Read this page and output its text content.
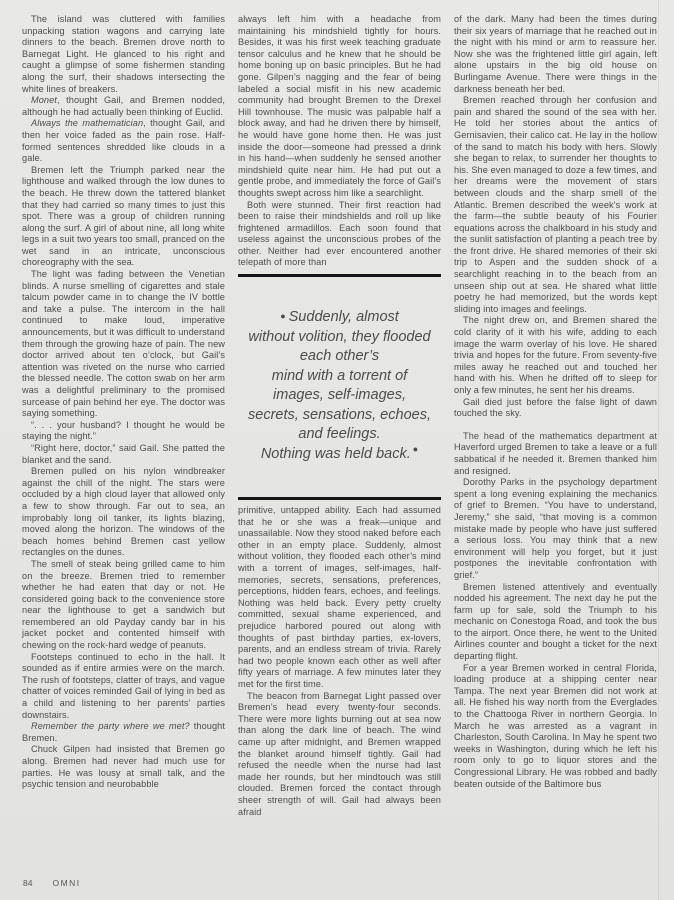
The island was cluttered with families unpacking station wagons and carrying late dinners to the beach. Bremen drove north to Barnegat Light. He glanced to his right and caught a glimpse of some fishermen standing along the surf, their shadows intersecting the white lines of breakers.

Monet, thought Gail, and Bremen nodded, although he had actually been thinking of Euclid.

Always the mathematician, thought Gail, and then her voice faded as the pain rose. Half-formed sentences shredded like clouds in a gale.

Bremen left the Triumph parked near the lighthouse and walked through the low dunes to the beach. He threw down the tattered blanket that they had carried so many times to just this spot. There was a group of children running along the surf. A girl of about nine, all long white legs in a suit two years too small, pranced on the wet sand in an intricate, unconscious choreography with the sea.

The light was fading between the Venetian blinds. A nurse smelling of cigarettes and stale talcum powder came in to change the IV bottle and take a pulse. The intercom in the hall continued to make loud, imperative announcements, but it was difficult to understand them through the growing haze of pain. The new doctor arrived about ten o’clock, but Gail’s attention was riveted on the nurse who carried the blessed needle. The cotton swab on her arm was a delightful preliminary to the promised surcease of pain behind her eye. The doctor was saying something.

“. . . your husband? I thought he would be staying the night.”

“Right here, doctor,” said Gail. She patted the blanket and the sand.

Bremen pulled on his nylon windbreaker against the chill of the night. The stars were occluded by a high cloud layer that allowed only a few to show through. Far out to sea, an improbably long oil tanker, its lights blazing, moved along the horizon. The windows of the beach homes behind Bremen cast yellow rectangles on the dunes.

The smell of steak being grilled came to him on the breeze. Bremen tried to remember whether he had eaten that day or not. He considered going back to the convenience store near the lighthouse to get a sandwich but remembered an old Payday candy bar in his jacket pocket and contented himself with chewing on the rock-hard wedge of peanuts.

Footsteps continued to echo in the hall. It sounded as if entire armies were on the march. The rush of footsteps, clatter of trays, and vague chatter of voices reminded Gail of lying in bed as a child and listening to her parents’ parties downstairs.

Remember the party where we met? thought Bremen.

Chuck Gilpen had insisted that Bremen go along. Bremen had never had much use for parties. He was lousy at small talk, and the psychic tension and neurobabble

always left him with a headache from maintaining his mindshield tightly for hours. Besides, it was his first week teaching graduate tensor calculus and he knew that he should be home boning up on basic principles. But he had gone. Gilpen’s nagging and the fear of being labeled a social misfit in his new academic community had brought Bremen to the Drexel Hill townhouse. The music was palpable half a block away, and had he driven there by himself, he would have gone home then. He was just inside the door—someone had pressed a drink in his hand—when suddenly he sensed another mindshield quite near him. He had put out a gentle probe, and immediately the force of Gail’s thoughts swept across him like a searchlight.

Both were stunned. Their first reaction had been to raise their mindshields and roll up like frightened armadillos. Each soon found that useless against the unconscious probes of the other. Neither had ever encountered another telepath of more than

● Suddenly, almost
without volition, they flooded
each other’s
mind with a torrent of
images, self-images,
secrets, sensations, echoes,
and feelings.
Nothing was held back. ●

primitive, untapped ability. Each had assumed that he or she was a freak—unique and unassailable. Now they stood naked before each other in an empty place. Suddenly, almost without volition, they flooded each other’s mind with a torrent of images, self-images, half-memories, secrets, sensations, preferences, perceptions, hidden fears, echoes, and feelings. Nothing was held back. Every petty cruelty committed, sexual shame experienced, and prejudice harbored poured out along with thoughts of past birthday parties, ex-lovers, parents, and an endless stream of trivia. Rarely had two people known each other as well after fifty years of marriage. A few minutes later they met for the first time.

The beacon from Barnegat Light passed over Bremen’s head every twenty-four seconds. There were more lights burning out at sea now than along the dark line of beach. The wind came up after midnight, and Bremen wrapped the blanket around himself tightly. Gail had refused the needle when the nurse had last made her rounds, but her mindtouch was still clouded. Bremen forced the contact through sheer strength of will. Gail had always been afraid

of the dark. Many had been the times during their six years of marriage that he reached out in the night with his mind or arm to reassure her. Now she was the frightened little girl again, left alone upstairs in the big old house on Burlingame Avenue. There were things in the darkness beneath her bed.

Bremen reached through her confusion and pain and shared the sound of the sea with her. He told her stories about the antics of Gernisavien, their calico cat. He lay in the hollow of the sand to match his body with hers. Slowly she began to relax, to surrender her thoughts to his. She even managed to doze a few times, and her dreams were the movement of stars between clouds and the sharp smell of the Atlantic. Bremen described the week’s work at the farm—the subtle beauty of his Fourier equations across the chalkboard in his study and the sunlit satisfaction of planting a peach tree by the front drive. He shared memories of their ski trip to Aspen and the sudden shock of a searchlight reaching in to the beach from an unseen ship out at sea. He shared what little poetry he had memorized, but the words kept sliding into images and feelings.

The night drew on, and Bremen shared the cold clarity of it with his wife, adding to each image the warm overlay of his love. He shared trivia and hopes for the future. From seventy-five miles away he reached out and touched her hand with his. When he drifted off to sleep for only a few minutes, he sent her his dreams.

Gail died just before the false light of dawn touched the sky.

The head of the mathematics department at Haverford urged Bremen to take a leave or a full sabbatical if he needed it. Bremen thanked him and resigned.

Dorothy Parks in the psychology department spent a long evening explaining the mechanics of grief to Bremen. “You have to understand, Jeremy,” she said, “that moving is a common mistake made by people who have just suffered a serious loss. You may think that a new environment will help you forget, but it just postpones the inevitable confrontation with grief.”

Bremen listened attentively and eventually nodded his agreement. The next day he put the farm up for sale, sold the Triumph to his mechanic on Conestoga Road, and took the bus to the airport. Once there, he went to the United Airlines counter and bought a ticket for the next departing flight.

For a year Bremen worked in central Florida, loading produce at a shipping center near Tampa. The next year Bremen did not work at all. He fished his way north from the Everglades to the Chattooga River in northern Georgia. In March he was arrested as a vagrant in Charleston, South Carolina. In May he spent two weeks in Washington, during which he left his room only to go to liquor stores and the Congressional Library. He was robbed and badly beaten outside of the Baltimore bus

84 OMNI
